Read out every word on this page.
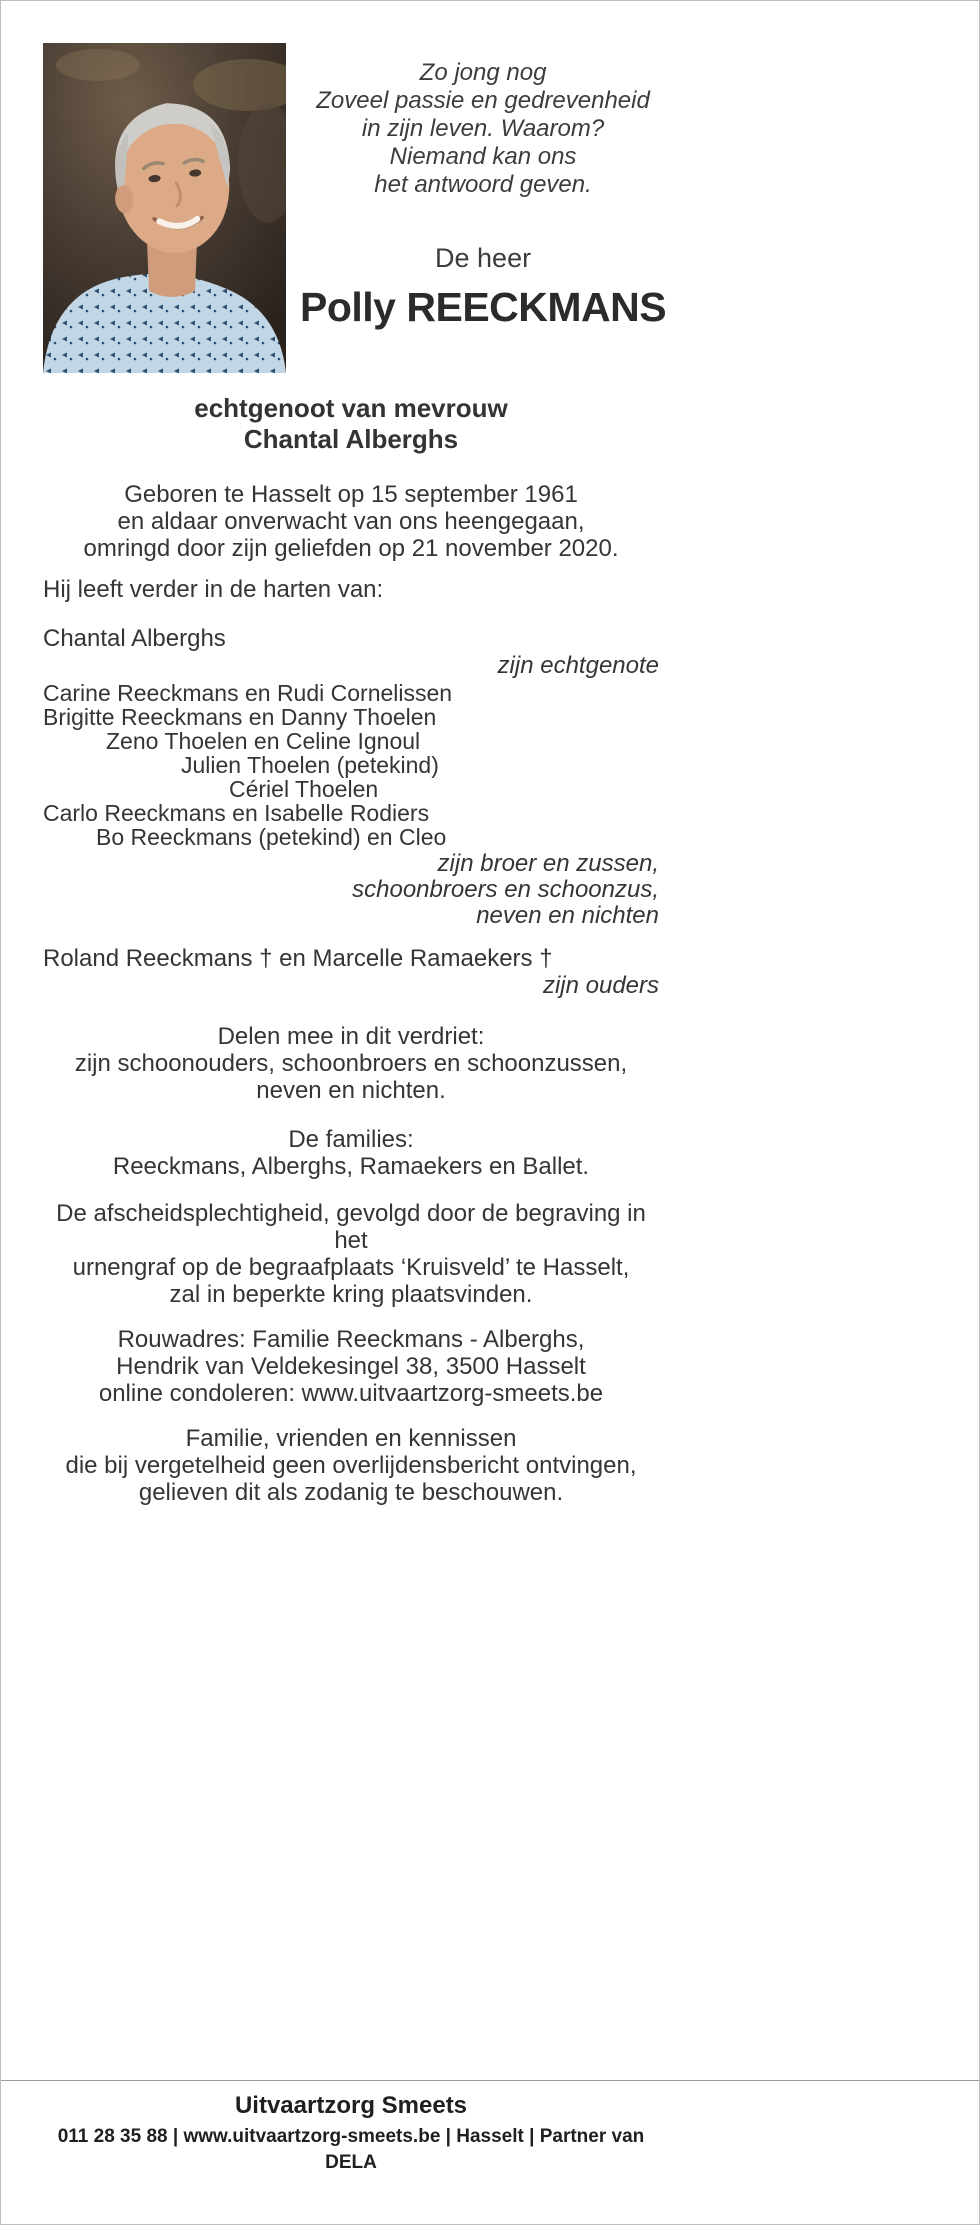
Zo jong nog
Zoveel passie en gedrevenheid
in zijn leven. Waarom?
Niemand kan ons
het antwoord geven.
De heer
Polly REECKMANS
echtgenoot van mevrouw
Chantal Alberghs
Geboren te Hasselt op 15 september 1961
en aldaar onverwacht van ons heengegaan,
omringd door zijn geliefden op 21 november 2020.
Hij leeft verder in de harten van:
Chantal Alberghs
zijn echtgenote
Carine Reeckmans en Rudi Cornelissen
Brigitte Reeckmans en Danny Thoelen
Zeno Thoelen en Celine Ignoul
Julien Thoelen (petekind)
Cériel Thoelen
Carlo Reeckmans en Isabelle Rodiers
Bo Reeckmans (petekind) en Cleo
zijn broer en zussen,
schoonbroers en schoonzus,
neven en nichten
Roland Reeckmans † en Marcelle Ramaekers †
zijn ouders
Delen mee in dit verdriet:
zijn schoonouders, schoonbroers en schoonzussen,
neven en nichten.
De families:
Reeckmans, Alberghs, Ramaekers en Ballet.
De afscheidsplechtigheid, gevolgd door de begraving in het
urnengraf op de begraafplaats ‘Kruisveld’ te Hasselt,
zal in beperkte kring plaatsvinden.
Rouwadres: Familie Reeckmans - Alberghs,
Hendrik van Veldekesingel 38, 3500 Hasselt
online condoleren: www.uitvaartzorg-smeets.be
Familie, vrienden en kennissen
die bij vergetelheid geen overlijdensbericht ontvingen,
gelieven dit als zodanig te beschouwen.
Uitvaartzorg Smeets
011 28 35 88 | www.uitvaartzorg-smeets.be | Hasselt | Partner van DELA
